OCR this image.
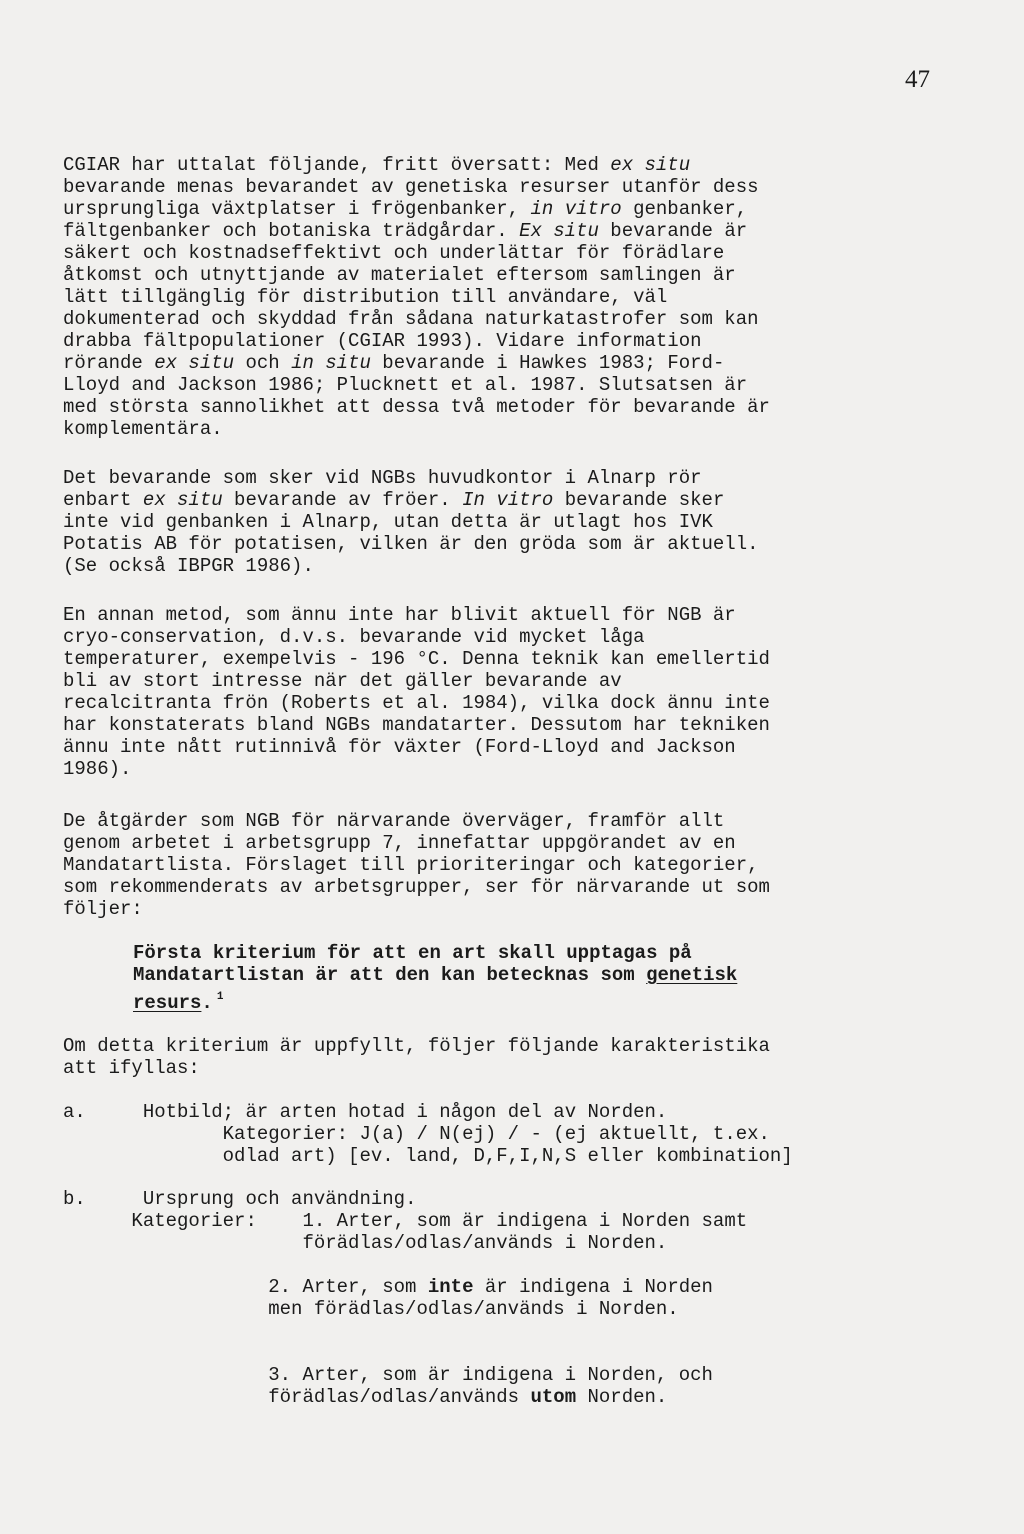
47
CGIAR har uttalat följande, fritt översatt: Med ex situ
bevarande menas bevarandet av genetiska resurser utanför dess
ursprungliga växtplatser i frögenbanker, in vitro genbanker,
fältgenbanker och botaniska trädgårdar. Ex situ bevarande är
säkert och kostnadseffektivt och underlättar för förädlare
åtkomst och utnyttjande av materialet eftersom samlingen är
lätt tillgänglig för distribution till användare, väl
dokumenterad och skyddad från sådana naturkatastrofer som kan
drabba fältpopulationer (CGIAR 1993). Vidare information
rörande ex situ och in situ bevarande i Hawkes 1983; Ford-
Lloyd and Jackson 1986; Plucknett et al. 1987. Slutsatsen är
med största sannolikhet att dessa två metoder för bevarande är
komplementära.
Det bevarande som sker vid NGBs huvudkontor i Alnarp rör
enbart ex situ bevarande av fröer. In vitro bevarande sker
inte vid genbanken i Alnarp, utan detta är utlagt hos IVK
Potatis AB för potatisen, vilken är den gröda som är aktuell.
(Se också IBPGR 1986).
En annan metod, som ännu inte har blivit aktuell för NGB är
cryo-conservation, d.v.s. bevarande vid mycket låga
temperaturer, exempelvis - 196 °C. Denna teknik kan emellertid
bli av stort intresse när det gäller bevarande av
recalcitranta frön (Roberts et al. 1984), vilka dock ännu inte
har konstaterats bland NGBs mandatarter. Dessutom har tekniken
ännu inte nått rutinnivå för växter (Ford-Lloyd and Jackson
1986).
De åtgärder som NGB för närvarande överväger, framför allt
genom arbetet i arbetsgrupp 7, innefattar uppgörandet av en
Mandatartlista. Förslaget till prioriteringar och kategorier,
som rekommenderats av arbetsgrupper, ser för närvarande ut som
följer:
Första kriterium för att en art skall upptagas på
Mandatartlistan är att den kan betecknas som genetisk
resurs. $^1$
Om detta kriterium är uppfyllt, följer följande karakteristika
att ifyllas:
a.	Hotbild; är arten hotad i någon del av Norden.
Kategorier: J(a) / N(ej) / - (ej aktuellt, t.ex.
odlad art) [ev. land, D,F,I,N,S eller kombination]
b.	Ursprung och användning.
Kategorier: 1. Arter, som är indigena i Norden samt
förädlas/odlas/används i Norden.

2. Arter, som inte är indigena i Norden
men förädlas/odlas/används i Norden.

3. Arter, som är indigena i Norden, och
förädlas/odlas/används utom Norden.
